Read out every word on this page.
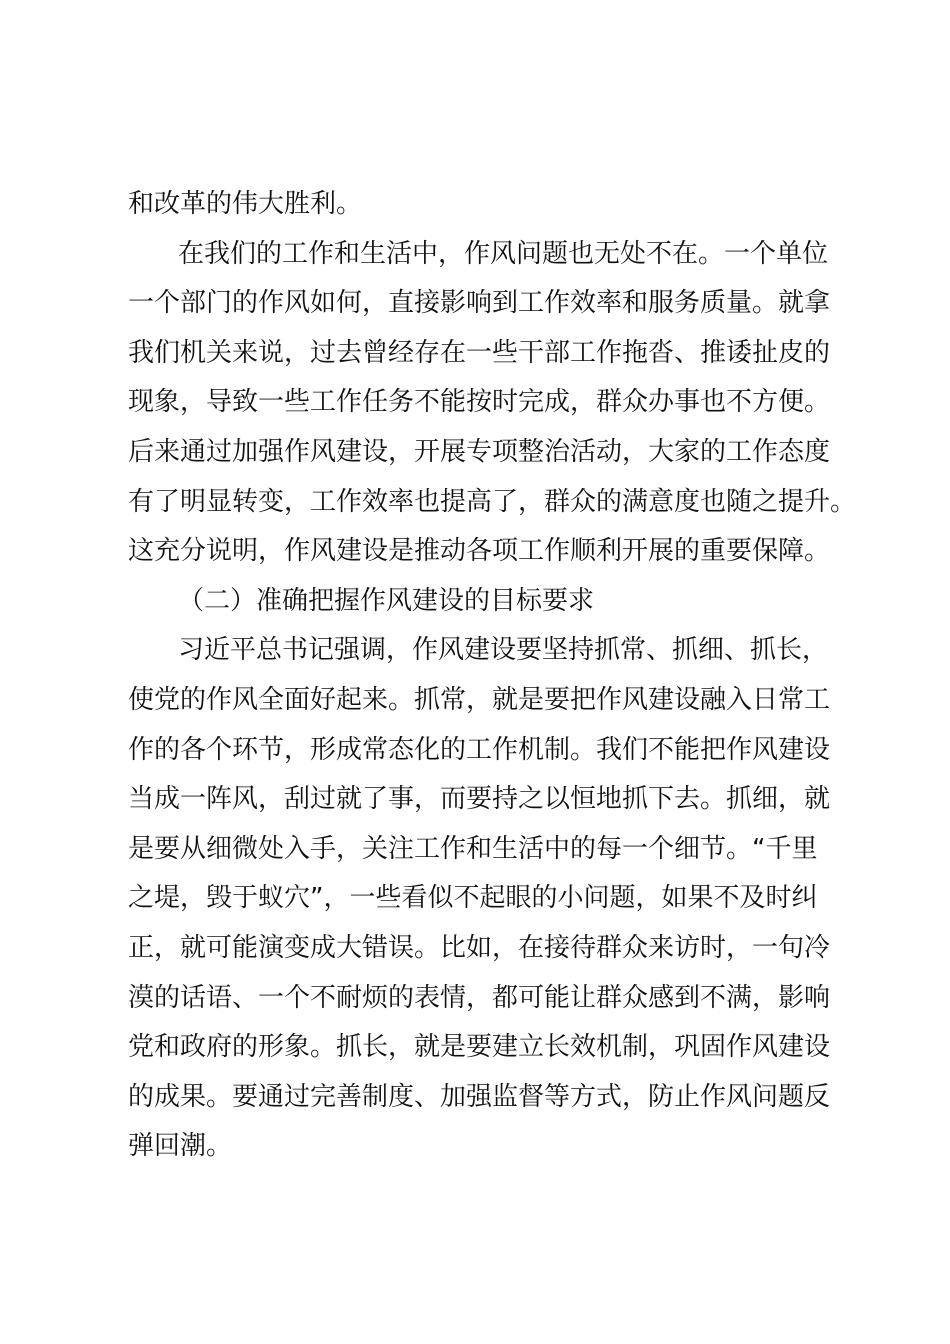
和改革的伟大胜利。
在我们的工作和生活中，作风问题也无处不在。一个单位
一个部门的作风如何，直接影响到工作效率和服务质量。就拿
我们机关来说，过去曾经存在一些干部工作拖沓、推诿扯皮的
现象，导致一些工作任务不能按时完成，群众办事也不方便。
后来通过加强作风建设，开展专项整治活动，大家的工作态度
有了明显转变，工作效率也提高了，群众的满意度也随之提升。
这充分说明，作风建设是推动各项工作顺利开展的重要保障。
（二）准确把握作风建设的目标要求
习近平总书记强调，作风建设要坚持抓常、抓细、抓长，
使党的作风全面好起来。抓常，就是要把作风建设融入日常工
作的各个环节，形成常态化的工作机制。我们不能把作风建设
当成一阵风，刮过就了事，而要持之以恒地抓下去。抓细，就
是要从细微处入手，关注工作和生活中的每一个细节。“千里
之堤，毁于蚁穴”，一些看似不起眼的小问题，如果不及时纠
正，就可能演变成大错误。比如，在接待群众来访时，一句冷
漠的话语、一个不耐烦的表情，都可能让群众感到不满，影响
党和政府的形象。抓长，就是要建立长效机制，巩固作风建设
的成果。要通过完善制度、加强监督等方式，防止作风问题反
弹回潮。
